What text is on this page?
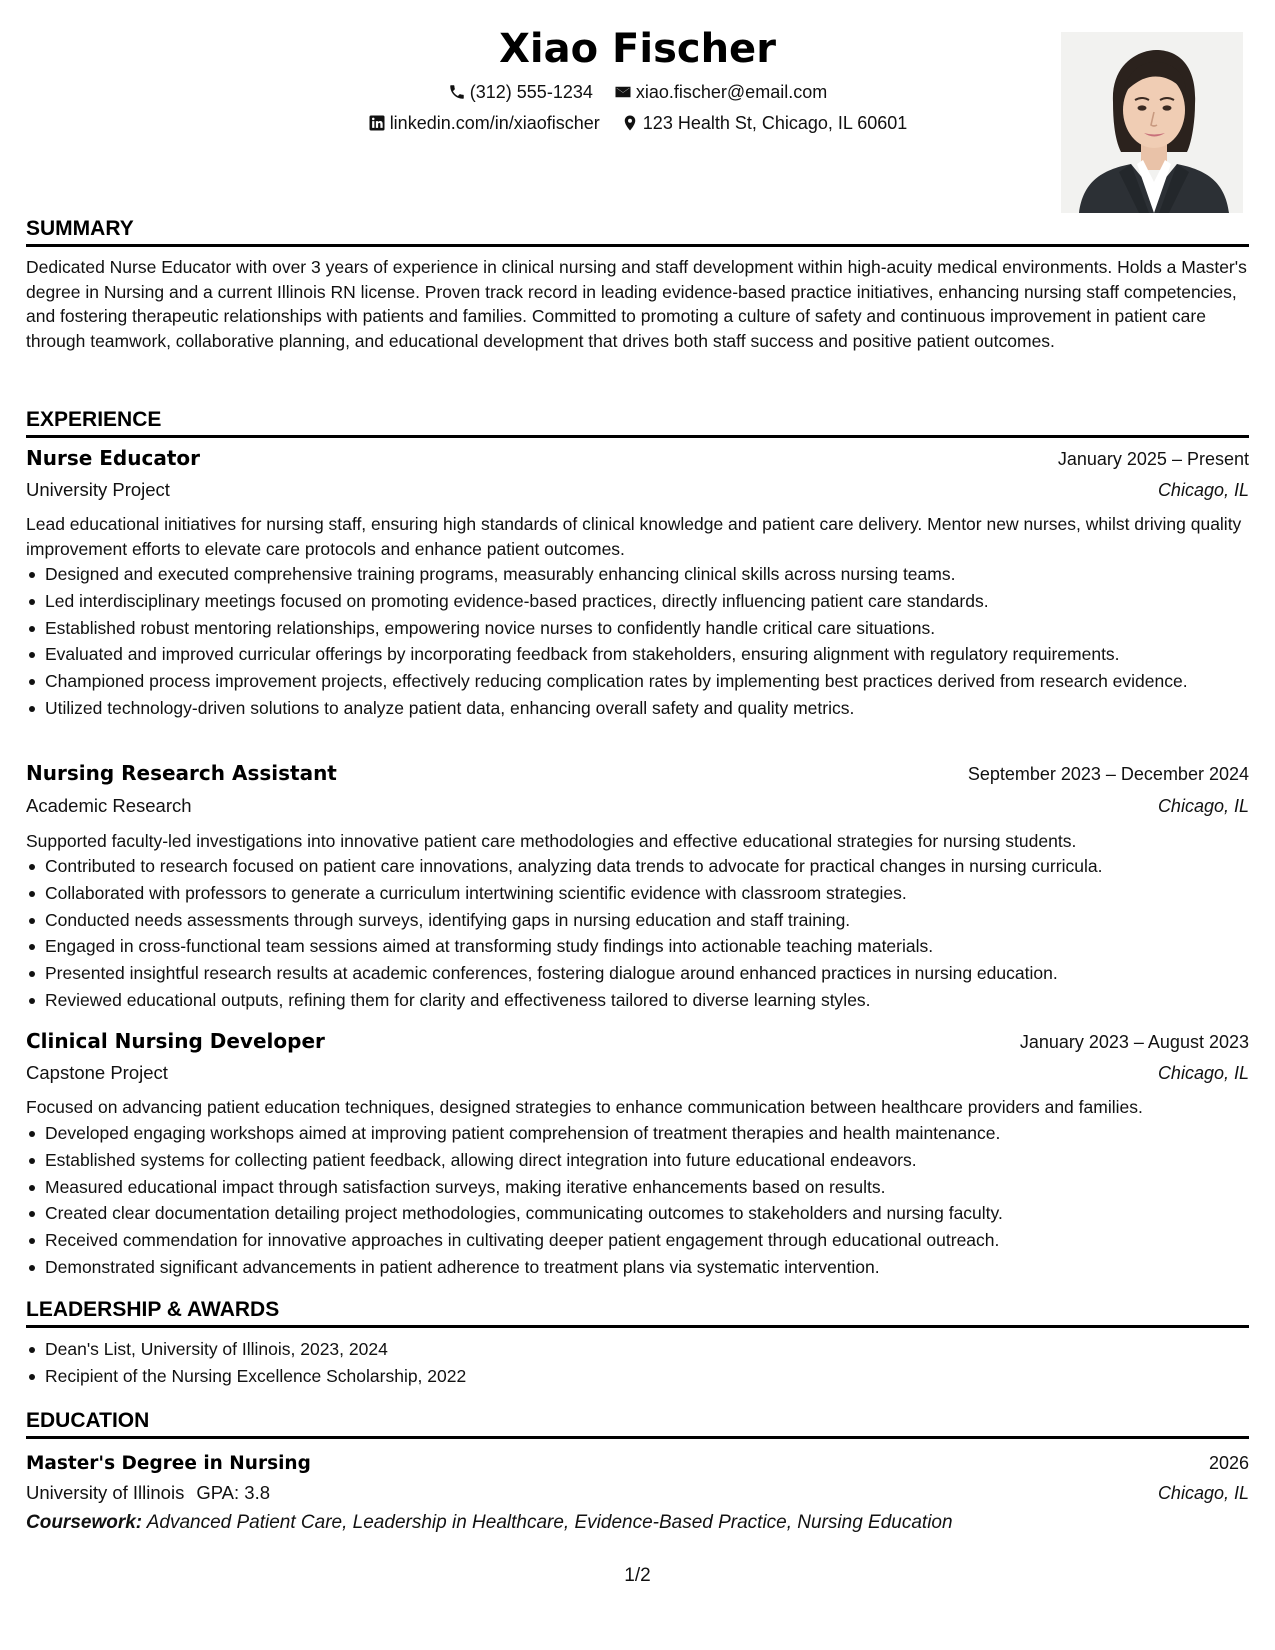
Xiao Fischer
(312) 555-1234
xiao.fischer@email.com
linkedin.com/in/xiaofischer
123 Health St, Chicago, IL 60601
SUMMARY

Dedicated Nurse Educator with over 3 years of experience in clinical nursing and staff development within high-acuity medical environments. Holds a Master's degree in Nursing and a current Illinois RN license. Proven track record in leading evidence-based practice initiatives, enhancing nursing staff competencies, and fostering therapeutic relationships with patients and families. Committed to promoting a culture of safety and continuous improvement in patient care through teamwork, collaborative planning, and educational development that drives both staff success and positive patient outcomes.

EXPERIENCE
Nurse Educator	January 2025 – Present
University Project	Chicago, IL

Lead educational initiatives for nursing staff, ensuring high standards of clinical knowledge and patient care delivery. Mentor new nurses, whilst driving quality improvement efforts to elevate care protocols and enhance patient outcomes.

Designed and executed comprehensive training programs, measurably enhancing clinical skills across nursing teams.
Led interdisciplinary meetings focused on promoting evidence-based practices, directly influencing patient care standards.
Established robust mentoring relationships, empowering novice nurses to confidently handle critical care situations.
Evaluated and improved curricular offerings by incorporating feedback from stakeholders, ensuring alignment with regulatory requirements.
Championed process improvement projects, effectively reducing complication rates by implementing best practices derived from research evidence.
Utilized technology-driven solutions to analyze patient data, enhancing overall safety and quality metrics.
Nursing Research Assistant	September 2023 – December 2024
Academic Research	Chicago, IL

Supported faculty-led investigations into innovative patient care methodologies and effective educational strategies for nursing students.

Contributed to research focused on patient care innovations, analyzing data trends to advocate for practical changes in nursing curricula.
Collaborated with professors to generate a curriculum intertwining scientific evidence with classroom strategies.
Conducted needs assessments through surveys, identifying gaps in nursing education and staff training.
Engaged in cross-functional team sessions aimed at transforming study findings into actionable teaching materials.
Presented insightful research results at academic conferences, fostering dialogue around enhanced practices in nursing education.
Reviewed educational outputs, refining them for clarity and effectiveness tailored to diverse learning styles.
Clinical Nursing Developer	January 2023 – August 2023
Capstone Project	Chicago, IL

Focused on advancing patient education techniques, designed strategies to enhance communication between healthcare providers and families.

Developed engaging workshops aimed at improving patient comprehension of treatment therapies and health maintenance.
Established systems for collecting patient feedback, allowing direct integration into future educational endeavors.
Measured educational impact through satisfaction surveys, making iterative enhancements based on results.
Created clear documentation detailing project methodologies, communicating outcomes to stakeholders and nursing faculty.
Received commendation for innovative approaches in cultivating deeper patient engagement through educational outreach.
Demonstrated significant advancements in patient adherence to treatment plans via systematic intervention.
LEADERSHIP & AWARDS
Dean's List, University of Illinois, 2023, 2024
Recipient of the Nursing Excellence Scholarship, 2022
EDUCATION
Master's Degree in Nursing	2026
University of Illinois GPA: 3.8	Chicago, IL
Coursework: Advanced Patient Care, Leadership in Healthcare, Evidence-Based Practice, Nursing Education
1/2
